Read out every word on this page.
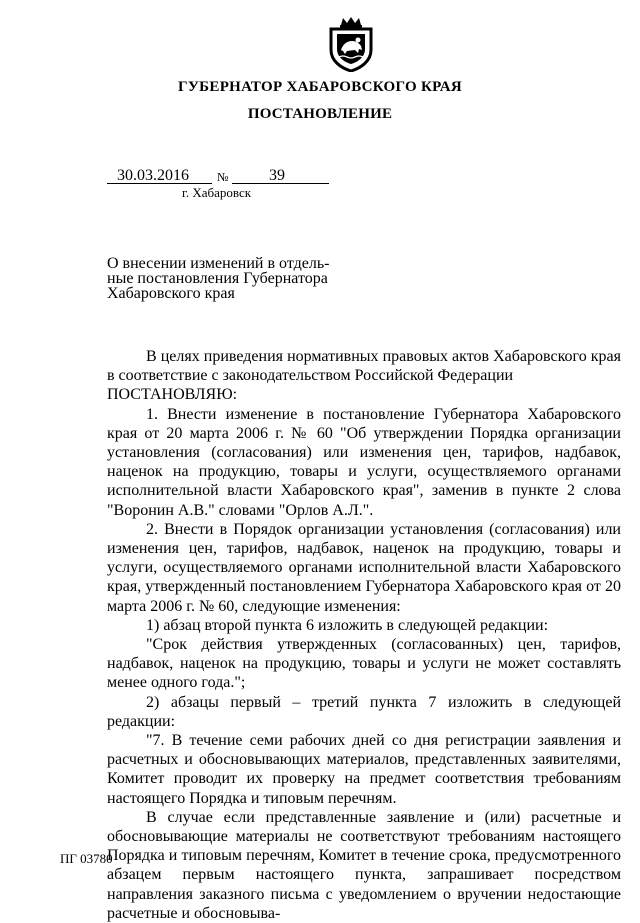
ГУБЕРНАТОР ХАБАРОВСКОГО КРАЯ
ПОСТАНОВЛЕНИЕ
30.03.2016 №	39
г. Хабаровск
О внесении изменений в отдель-
ные постановления Губернатора
Хабаровского края
В целях приведения нормативных правовых актов Хабаровского края в соответствие с законодательством Российской Федерации
ПОСТАНОВЛЯЮ:
1. Внести изменение в постановление Губернатора Хабаровского края от 20 марта 2006 г. № 60 "Об утверждении Порядка организации установления (согласования) или изменения цен, тарифов, надбавок, наценок на продукцию, товары и услуги, осуществляемого органами исполнительной власти Хабаровского края", заменив в пункте 2 слова "Воронин А.В." словами "Орлов А.Л.".
2. Внести в Порядок организации установления (согласования) или изменения цен, тарифов, надбавок, наценок на продукцию, товары и услуги, осуществляемого органами исполнительной власти Хабаровского края, утвержденный постановлением Губернатора Хабаровского края от 20 марта 2006 г. № 60, следующие изменения:
1) абзац второй пункта 6 изложить в следующей редакции:
"Срок действия утвержденных (согласованных) цен, тарифов, надбавок, наценок на продукцию, товары и услуги не может составлять менее одного года.";
2) абзацы первый – третий пункта 7 изложить в следующей редакции:
"7. В течение семи рабочих дней со дня регистрации заявления и расчетных и обосновывающих материалов, представленных заявителями, Комитет проводит их проверку на предмет соответствия требованиям настоящего Порядка и типовым перечням.
В случае если представленные заявление и (или) расчетные и обосновывающие материалы не соответствуют требованиям настоящего Порядка и типовым перечням, Комитет в течение срока, предусмотренного абзацем первым настоящего пункта, запрашивает посредством направления заказного письма с уведомлением о вручении недостающие расчетные и обосновыва-
ПГ 03780
